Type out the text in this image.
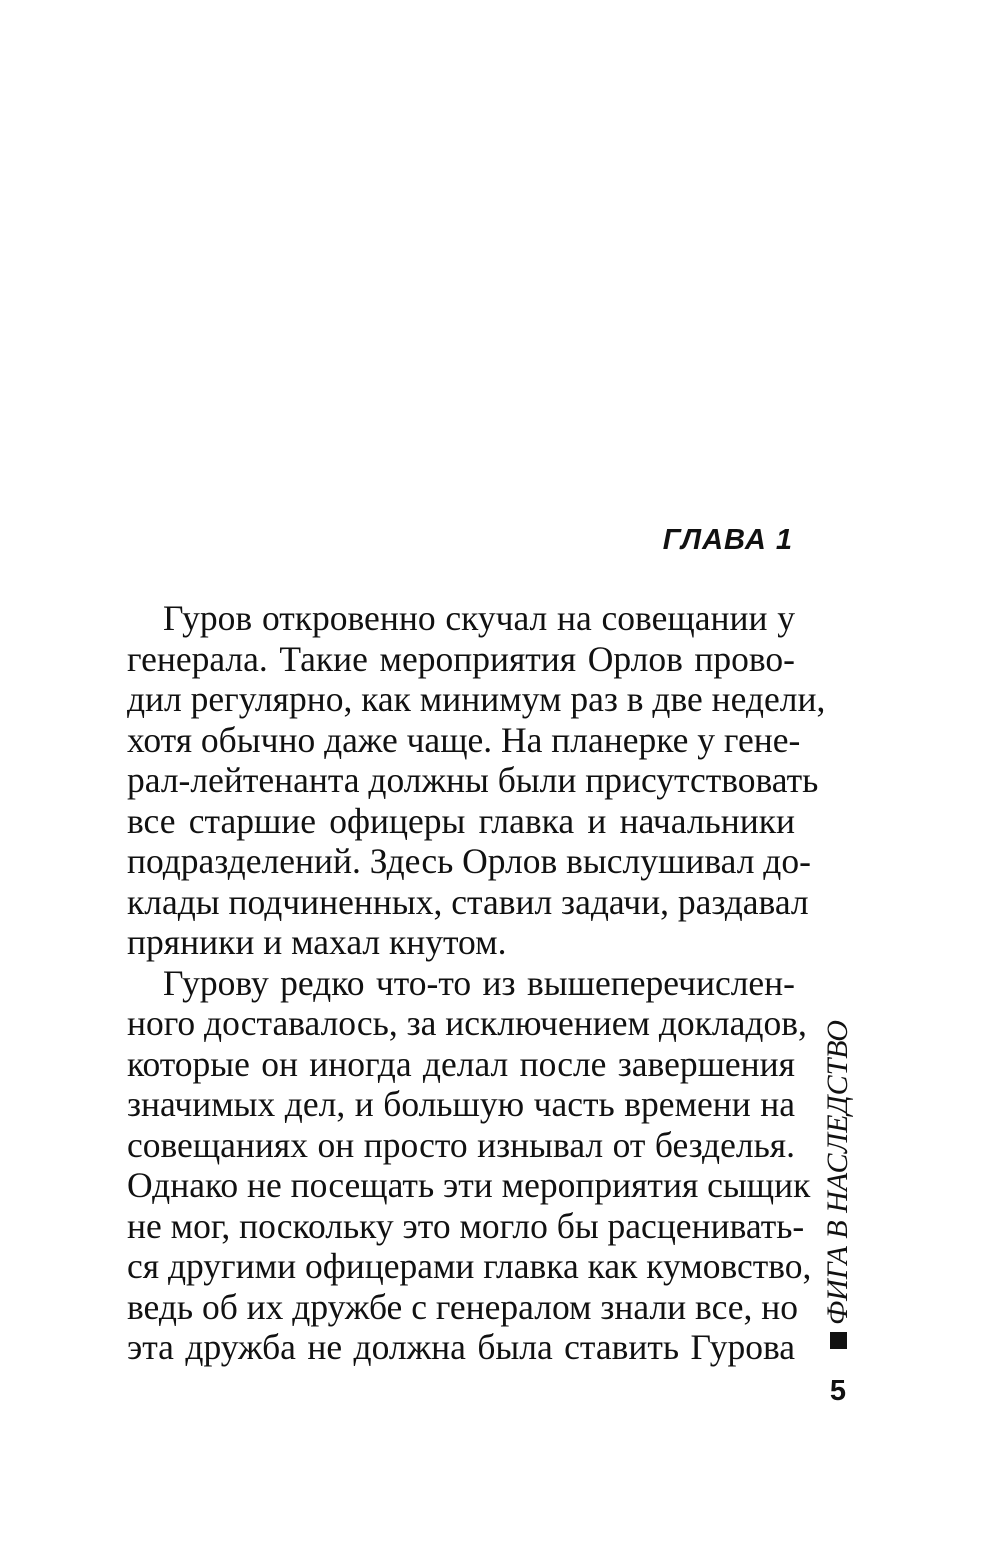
ГЛАВА 1
Гуров откровенно скучал на совещании у
генерала. Такие мероприятия Орлов прово-
дил регулярно, как минимум раз в две недели,
хотя обычно даже чаще. На планерке у гене-
рал-лейтенанта должны были присутствовать
все старшие офицеры главка и начальники
подразделений. Здесь Орлов выслушивал до-
клады подчиненных, ставил задачи, раздавал
пряники и махал кнутом.
Гурову редко что-то из вышеперечислен-
ного доставалось, за исключением докладов,
которые он иногда делал после завершения
значимых дел, и большую часть времени на
совещаниях он просто изнывал от безделья.
Однако не посещать эти мероприятия сыщик
не мог, поскольку это могло бы расценивать-
ся другими офицерами главка как кумовство,
ведь об их дружбе с генералом знали все, но
эта дружба не должна была ставить Гурова
ФИГА В НАСЛЕДСТВО
5
